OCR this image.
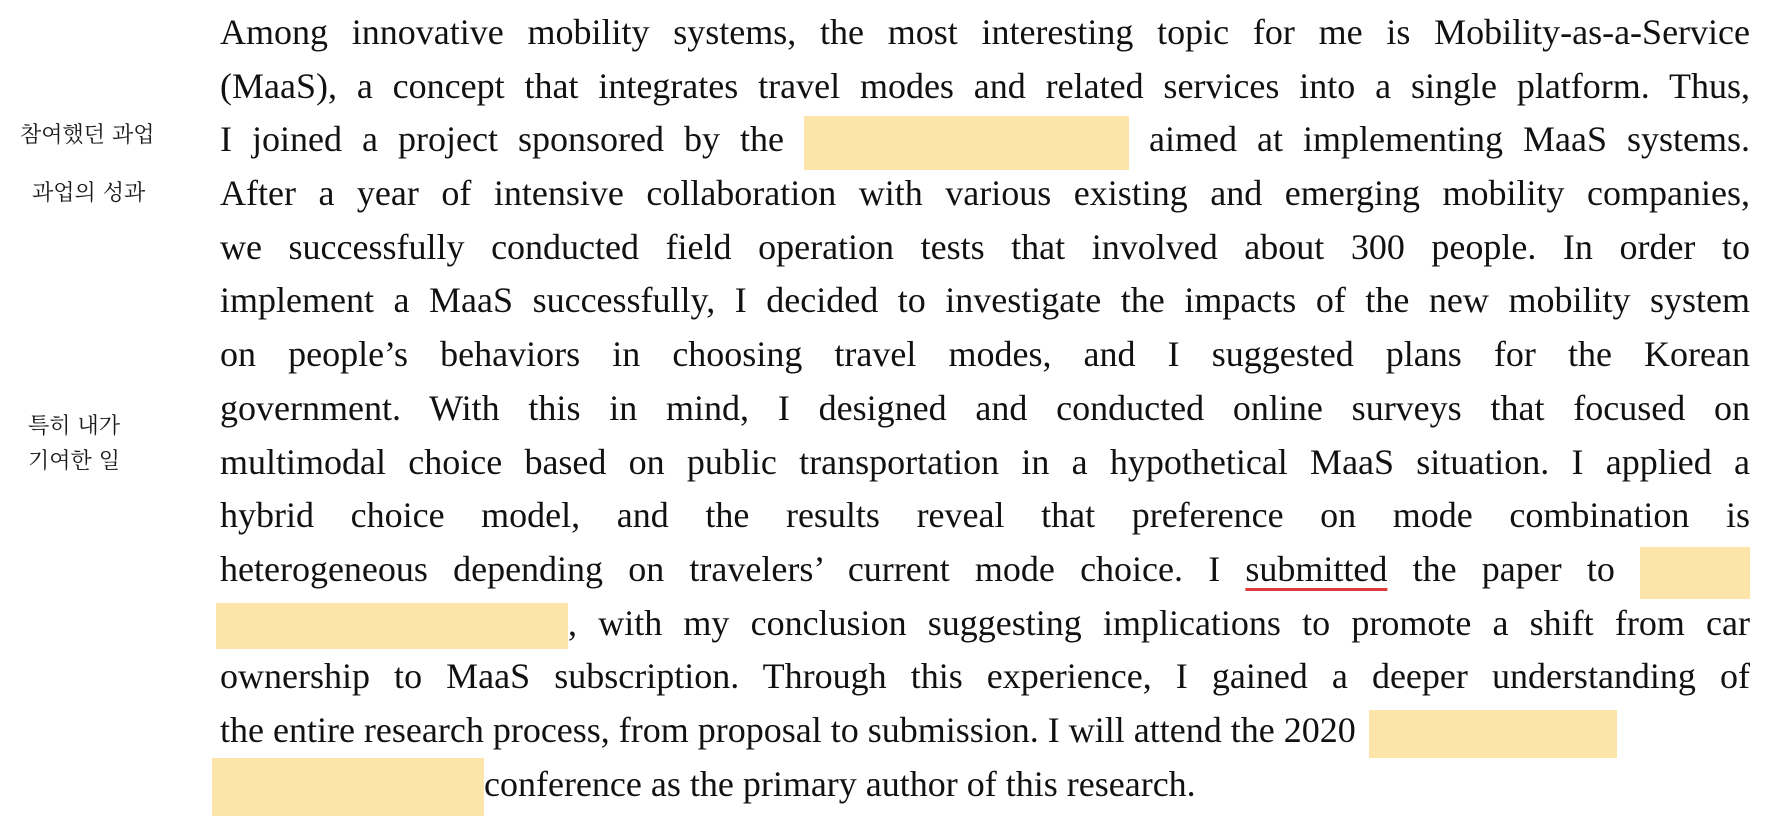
참여했던 과업
과업의 성과
특히 내가
기여한 일
Among innovative mobility systems, the most interesting topic for me is Mobility-as-a-Service
(MaaS), a concept that integrates travel modes and related services into a single platform. Thus,
I joined a project sponsored by the	aimed at implementing MaaS systems.
After a year of intensive collaboration with various existing and emerging mobility companies,
we successfully conducted field operation tests that involved about 300 people. In order to
implement a MaaS successfully, I decided to investigate the impacts of the new mobility system
on people’s behaviors in choosing travel modes, and I suggested plans for the Korean
government. With this in mind, I designed and conducted online surveys that focused on
multimodal choice based on public transportation in a hypothetical MaaS situation. I applied a
hybrid choice model, and the results reveal that preference on mode combination is
heterogeneous depending on travelers’ current mode choice. I submitted the paper to
, with my conclusion suggesting implications to promote a shift from car
ownership to MaaS subscription. Through this experience, I gained a deeper understanding of
the entire research process, from proposal to submission. I will attend the 2020
conference as the primary author of this research.
